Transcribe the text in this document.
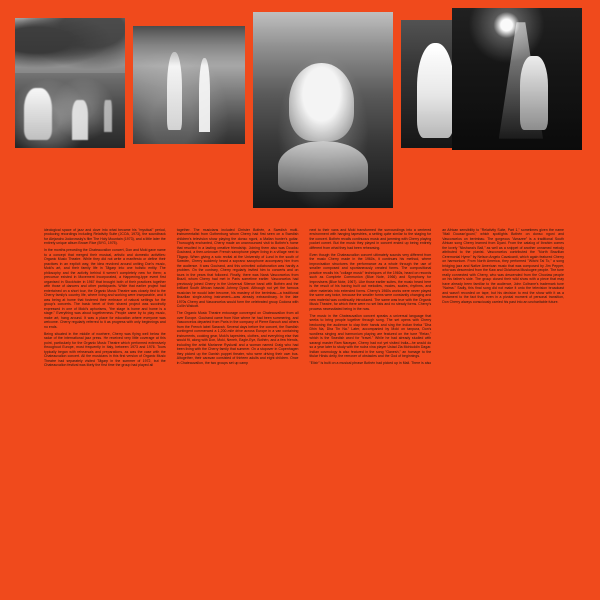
ideological space of jazz and dove into what became his "mystical" period, producing recordings including Relativity Suite (JCOA, 1973), the soundtrack for Alejandro Jodorowsky's film The Holy Mountain (1973), and a little later the entirely unique album Brown Rice (BYG, 1975).

In the months preceding the Chateauvallon concert, Don and Moki gave name to a concept that merged their musical, artistic and domestic activities: Organic Music Theatre. While they did not write a manifesto or define their practices in an explicit way, the idea revolved around uniting Don's music, Moki's art, and their family life in Tågarp into one holistic entity. The philosophy and the activity behind it weren't completely new for them; a precursor existed in Movement Incorporated, a Happening-type event first organised in Stockholm in 1967 that brought both of their practices together with those of dancers and other participants. While that earlier project had entertained on a short tour, the Organic Music Theatre was closely tied to the Cherry family's country life, where living and working were inseparable, and it was being at home that fostered their embrace of natural settings for the group's concerts. The basic tenet of their shared project was succinctly expressed in one of Moki's aphorisms, "the stage is home and home is a stage." Everything was about togetherness. People came by to play music, make art, hang around. It was a place for education where everyone was welcome. Cherry regularly referred to it as progress with only beginnings and no ends.

Being situated in the middle of nowhere, Cherry was flying well below the radar of the international jazz press. He received very little coverage at this point, particularly for the Organic Music Theatre which performed extensively throughout Europe, most frequently in Italy, between 1973 and 1976. Tours typically began with rehearsals and preparations, as was the case with the Chateauvallon concert. All the musicians in this first version of Organic Music Theatre had separately visited Tågarp in the summer of 1972, but the Chateauvallon festival was likely the first time the group had played all

together. The musicians included Christer Bothén, a Swedish multi-instrumentalist from Gothenburg whom Cherry had first seen on a Swedish children's television show playing the donso ngoni, a Malian hunter's guitar. Thoroughly enchanted, Cherry made an unannounced visit to Bothén's home that resulted in a lasting creative friendship. Joining them also was Doudou Gouirand, a then-unknown French saxophone player living in a village next to Tågarp. When giving a solo recital at the University of Lund in the south of Sweden, Cherry suddenly heard a soprano saxophone accompany him from the audience. It was Gouirand, and this uninvited collaboration was hardly a problem. On the contrary, Cherry regularly invited him to concerts and on tours in the years that followed. Finally, there was Naná Vasconcelos from Brazil, whom Cherry had met in Paris sometime earlier. Vasconcelos had previously joined Cherry in the Universal Silence band with Bothén and the brilliant South African bassist Johnny Dyani. Although not yet the famous musician he would later become, his mastery of the berimbau—a traditional Brazilian single-string instrument—was already extraordinary. In the late 1970s Cherry and Vasconcelos would form the celebrated group Codona with Collin Walcott.

The Organic Music Theatre entourage converged on Chateauvallon from all over Europe. Gouirand came from Nice where he had been summering, and Vasconcelos departed from Paris in the company of Pierre Barouh and others from the French label Saravah. Several days before the concert, the Swedish contingent commenced a 1,200-mile drive across Europe in a van containing instruments, cooking gear, Moki's tapestries, clothes, and everything else that would fit, along with Don, Moki, Neneh, Eagle-Eye, Bothén, and a few friends, including the artist Marianne Ryskvall and a woman named Craig who had been living with the Cherry family that summer. On a stopover in Copenhagen they picked up the Danish puppet theater, who were driving their own bus. Altogether, their caravan consisted of thirteen adults and eight children. Once in Chateauvallon, the two groups set up camp

next to their vans and Moki transformed the surroundings into a centered environment with hanging tapestries, a setting quite similar to the staging for the concert. Bothén recalls continuous music and jamming with Cherry playing pocket cornet. But the music they played in concert ended up being entirely different from what they had been rehearsing.

Even though the Chateauvallon concert ultimately sounds very different from the music Cherry made in the 1960s, it continues his method, where improvisation structures the performance as a whole through the use of smaller composed and spontaneously created forms. The compositional practice recalls his "collage music" techniques of the 1960s, heard on records such as Complete Communion (Blue Note, 1966) and Symphony for Improvisers (Blue Note, 1967). Like those earlier suites, the music heard here is the result of his having built out melodies, modes, scales, rhythms, and other materials into extended forms. Cherry's 1960s works were never played the same way twice, because the smaller forms were constantly changing and new material was continually introduced. The same was true with the Organic Music Theatre, for which there were no set lists and no steady forms. Cherry's process necessitated being in the now.

The music in the Chateauvallon concert speaks a universal language that seeks to bring people together through song. The set opens with Cherry beckoning the audience to clap their hands and sing the Indian theka "Dha Dhin Na, Dha Tin Na." Later, accompanied by Moki on tanpura, Don's wordless singing and harmonium playing are featured on the tune "Relax," which is the Swedish word for "travel." While he had already studied with sarangi master Ram Narayan, Cherry had not yet visited India—he would do so a year later to study with the rudra vina player Ustad Zia Mohiuddin Dagar. Indian cosmology is also featured in the song "Ganesh," an homage to the titular Hindu deity, the remover of obstacles and the God of beginnings.

"Elixir" is built on a musical phrase Bothén had picked up in Mali. There is also

an African sensibility to "Relativity Suite, Part 1," sometimes given the name "Mali Doussn'gouni," which spotlights Bothén on donso ngoni and Vasconcelos on berimbau. The gorgeous "Amazee" is a traditional South African song Cherry learned from Dyani. From the catalog of Ibrahim comes the lovely "Nkshana's Ball," as well as a snippet of another unnamed melody attributed to the pianist. Vasconcelos contributed the "North Brazilian Ceremonial Hymn" by Nelson Angelo Cavalcanti, which again featured Cherry on harmonium. From North America, they performed "Witchi Tai To," a song bridging jazz and Native American music that was composed by Jim Pepper, who was descended from the Kaw and Oklahoma Muskogee people. The tune really connected with Cherry, who was descended from the Choctaw people on his father's side. The group closed their wild show with a piece that may have already been familiar to the audience, John Coltrane's trademark tune "Naima." Sadly, this final song did not make it onto the television broadcast and wasn't recorded on tape, but his decision to end the show with it as a testament to the fact that, even in a pivotal moment of personal transition, Don Cherry always consciously carried his past into an uncharitable future.
